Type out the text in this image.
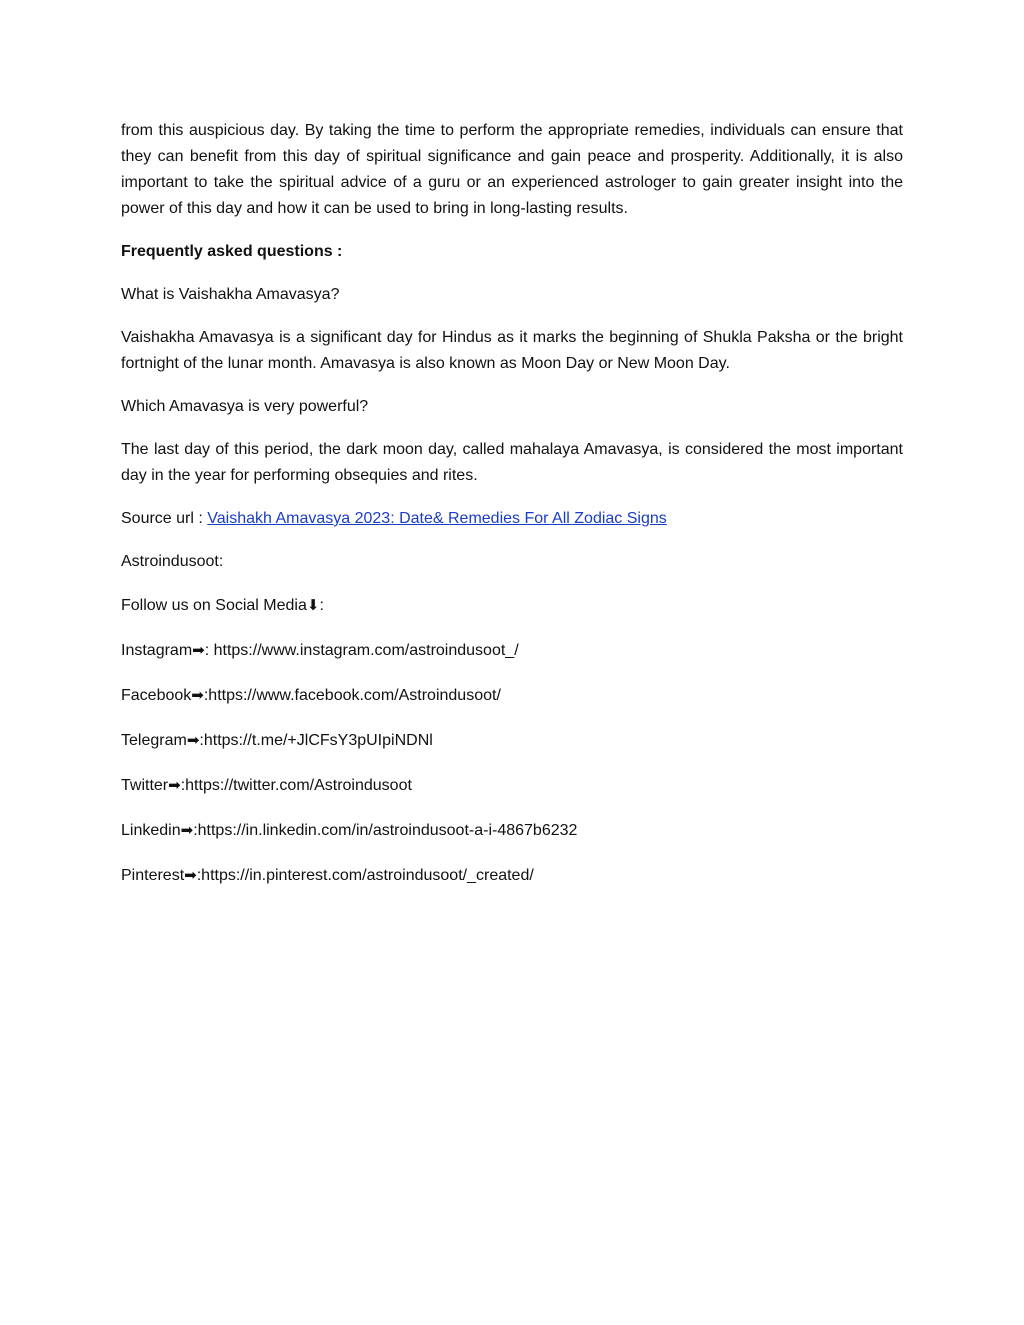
from this auspicious day. By taking the time to perform the appropriate remedies, individuals can ensure that they can benefit from this day of spiritual significance and gain peace and prosperity. Additionally, it is also important to take the spiritual advice of a guru or an experienced astrologer to gain greater insight into the power of this day and how it can be used to bring in long-lasting results.

Frequently asked questions :

What is Vaishakha Amavasya?

Vaishakha Amavasya is a significant day for Hindus as it marks the beginning of Shukla Paksha or the bright fortnight of the lunar month. Amavasya is also known as Moon Day or New Moon Day.

Which Amavasya is very powerful?

The last day of this period, the dark moon day, called mahalaya Amavasya, is considered the most important day in the year for performing obsequies and rites.

Source url : Vaishakh Amavasya 2023: Date& Remedies For All Zodiac Signs

Astroindusoot:

Follow us on Social Media⬇:

Instagram➡: https://www.instagram.com/astroindusoot_/
Facebook➡:https://www.facebook.com/Astroindusoot/
Telegram➡:https://t.me/+JlCFsY3pUIpiNDNl
Twitter➡:https://twitter.com/Astroindusoot
Linkedin➡:https://in.linkedin.com/in/astroindusoot-a-i-4867b6232
Pinterest➡:https://in.pinterest.com/astroindusoot/_created/
